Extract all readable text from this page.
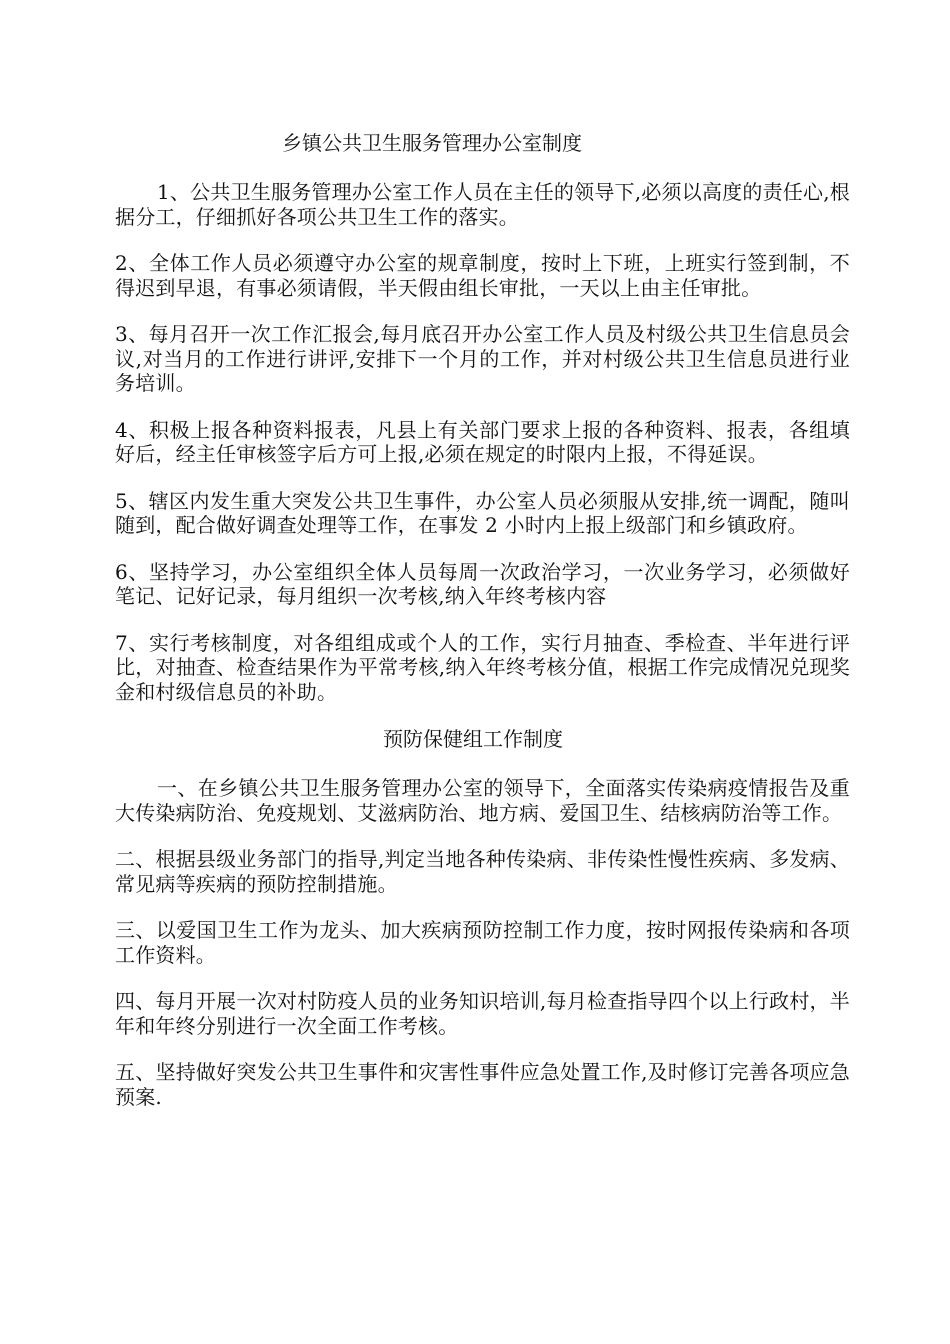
乡镇公共卫生服务管理办公室制度

1、公共卫生服务管理办公室工作人员在主任的领导下,必须以高度的责任心,根据分工，仔细抓好各项公共卫生工作的落实。

2、全体工作人员必须遵守办公室的规章制度，按时上下班，上班实行签到制，不得迟到早退，有事必须请假，半天假由组长审批，一天以上由主任审批。

3、每月召开一次工作汇报会,每月底召开办公室工作人员及村级公共卫生信息员会议,对当月的工作进行讲评,安排下一个月的工作，并对村级公共卫生信息员进行业务培训。

4、积极上报各种资料报表，凡县上有关部门要求上报的各种资料、报表，各组填好后，经主任审核签字后方可上报,必须在规定的时限内上报，不得延误。

5、辖区内发生重大突发公共卫生事件，办公室人员必须服从安排,统一调配，随叫随到，配合做好调查处理等工作，在事发 2 小时内上报上级部门和乡镇政府。

6、坚持学习，办公室组织全体人员每周一次政治学习，一次业务学习，必须做好笔记、记好记录，每月组织一次考核,纳入年终考核内容

7、实行考核制度，对各组组成或个人的工作，实行月抽查、季检查、半年进行评比，对抽查、检查结果作为平常考核,纳入年终考核分值，根据工作完成情况兑现奖金和村级信息员的补助。

预防保健组工作制度

一、在乡镇公共卫生服务管理办公室的领导下，全面落实传染病疫情报告及重大传染病防治、免疫规划、艾滋病防治、地方病、爱国卫生、结核病防治等工作。

二、根据县级业务部门的指导,判定当地各种传染病、非传染性慢性疾病、多发病、常见病等疾病的预防控制措施。

三、以爱国卫生工作为龙头、加大疾病预防控制工作力度，按时网报传染病和各项工作资料。

四、每月开展一次对村防疫人员的业务知识培训,每月检查指导四个以上行政村，半年和年终分别进行一次全面工作考核。

五、坚持做好突发公共卫生事件和灾害性事件应急处置工作,及时修订完善各项应急预案.
